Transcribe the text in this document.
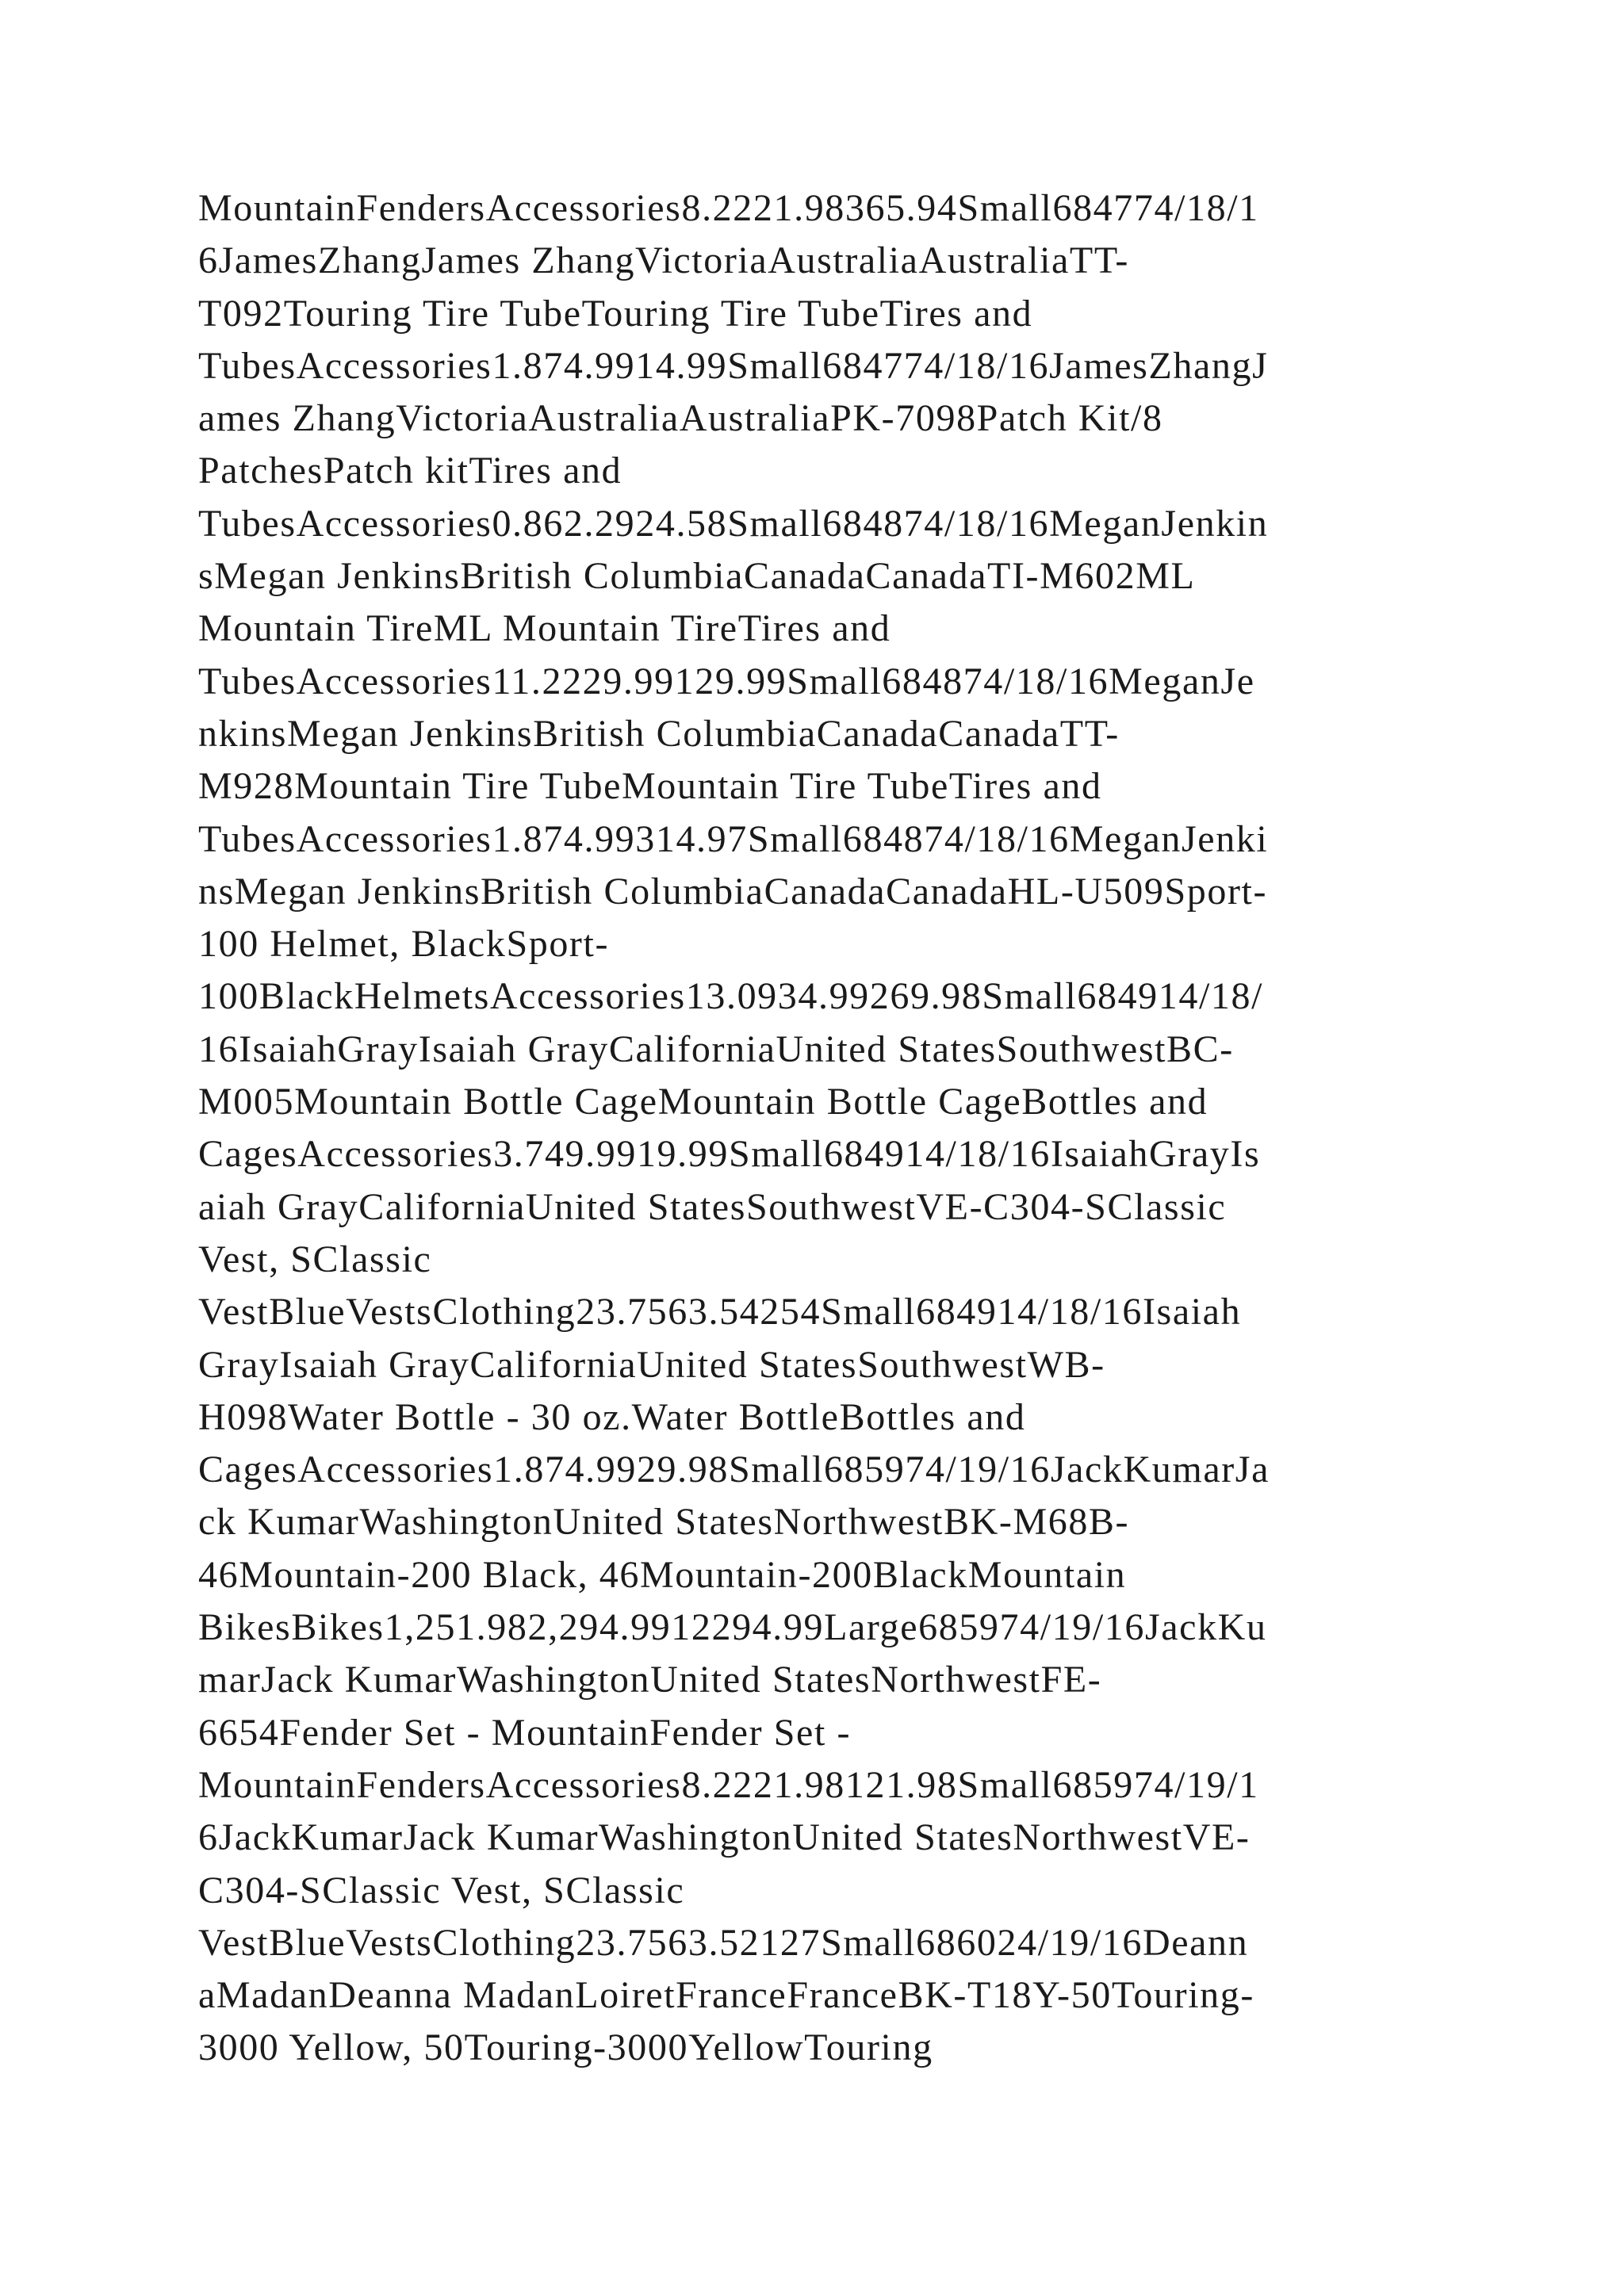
MountainFendersAccessories8.2221.98365.94Small684774/18/1
6JamesZhangJames ZhangVictoriaAustraliaAustraliaTT-
T092Touring Tire TubeTouring Tire TubeTires and
TubesAccessories1.874.9914.99Small684774/18/16JamesZhangJ
ames ZhangVictoriaAustraliaAustraliaPK-7098Patch Kit/8
PatchesPatch kitTires and
TubesAccessories0.862.2924.58Small684874/18/16MeganJenkin
sMegan JenkinsBritish ColumbiaCanadaCanadaTI-M602ML
Mountain TireML Mountain TireTires and
TubesAccessories11.2229.99129.99Small684874/18/16MeganJe
nkinsMegan JenkinsBritish ColumbiaCanadaCanadaTT-
M928Mountain Tire TubeMountain Tire TubeTires and
TubesAccessories1.874.99314.97Small684874/18/16MeganJenki
nsMegan JenkinsBritish ColumbiaCanadaCanadaHL-U509Sport-
100 Helmet, BlackSport-
100BlackHelmetsAccessories13.0934.99269.98Small684914/18/
16IsaiahGrayIsaiah GrayCaliforniaUnited StatesSouthwestBC-
M005Mountain Bottle CageMountain Bottle CageBottles and
CagesAccessories3.749.9919.99Small684914/18/16IsaiahGrayIs
aiah GrayCaliforniaUnited StatesSouthwestVE-C304-SClassic
Vest, SClassic
VestBlueVestsClothing23.7563.54254Small684914/18/16Isaiah
GrayIsaiah GrayCaliforniaUnited StatesSouthwestWB-
H098Water Bottle - 30 oz.Water BottleBottles and
CagesAccessories1.874.9929.98Small685974/19/16JackKumarJa
ck KumarWashingtonUnited StatesNorthwestBK-M68B-
46Mountain-200 Black, 46Mountain-200BlackMountain
BikesBikes1,251.982,294.9912294.99Large685974/19/16JackKu
marJack KumarWashingtonUnited StatesNorthwestFE-
6654Fender Set - MountainFender Set -
MountainFendersAccessories8.2221.98121.98Small685974/19/1
6JackKumarJack KumarWashingtonUnited StatesNorthwestVE-
C304-SClassic Vest, SClassic
VestBlueVestsClothing23.7563.52127Small686024/19/16Deann
aMadanDeanna MadanLoiretFranceFranceBK-T18Y-50Touring-
3000 Yellow, 50Touring-3000YellowTouring
